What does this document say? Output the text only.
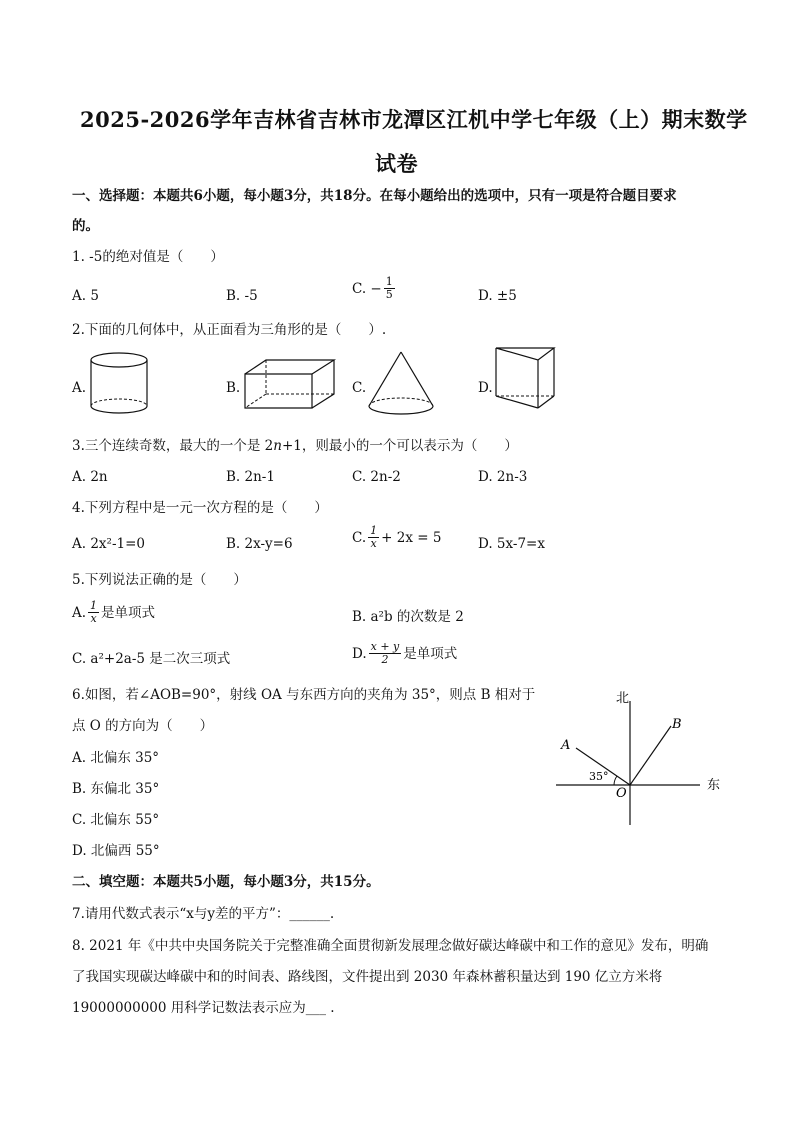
2025-2026学年吉林省吉林市龙潭区江机中学七年级（上）期末数学
试卷
一、选择题：本题共6小题，每小题3分，共18分。在每小题给出的选项中，只有一项是符合题目要求
的。
1. -5的绝对值是（　　）
A. 5	B. -5	C. − $\frac{1}{5}$	D. ±5
2.下面的几何体中，从正面看为三角形的是（　　）.
A.	B.	C.	D.
3.三个连续奇数，最大的一个是 2n+1，则最小的一个可以表示为（　　）
A. 2n	B. 2n-1	C. 2n-2	D. 2n-3
4.下列方程中是一元一次方程的是（　　）
A. 2x²-1=0	B. 2x-y=6	C. $\frac{1}{x} + 2x = 5$	D. 5x-7=x
5.下列说法正确的是（　　）
A. $\frac{1}{x}$ 是单项式	B. a²b 的次数是 2
C. a²+2a-5 是二次三项式	D. $\frac{x + y}{2}$ 是单项式
6.如图，若∠AOB=90°，射线 OA 与东西方向的夹角为 35°，则点 B 相对于
点 O 的方向为（　　）
A. 北偏东 35°
B. 东偏北 35°
C. 北偏东 55°
D. 北偏西 55°
北
东
A
B
O
35°
二、填空题：本题共5小题，每小题3分，共15分。
7.请用代数式表示“x与y差的平方”：______.
8. 2021 年《中共中央国务院关于完整准确全面贯彻新发展理念做好碳达峰碳中和工作的意见》发布，明确
了我国实现碳达峰碳中和的时间表、路线图，文件提出到 2030 年森林蓄积量达到 190 亿立方米将
19000000000 用科学记数法表示应为___ .
